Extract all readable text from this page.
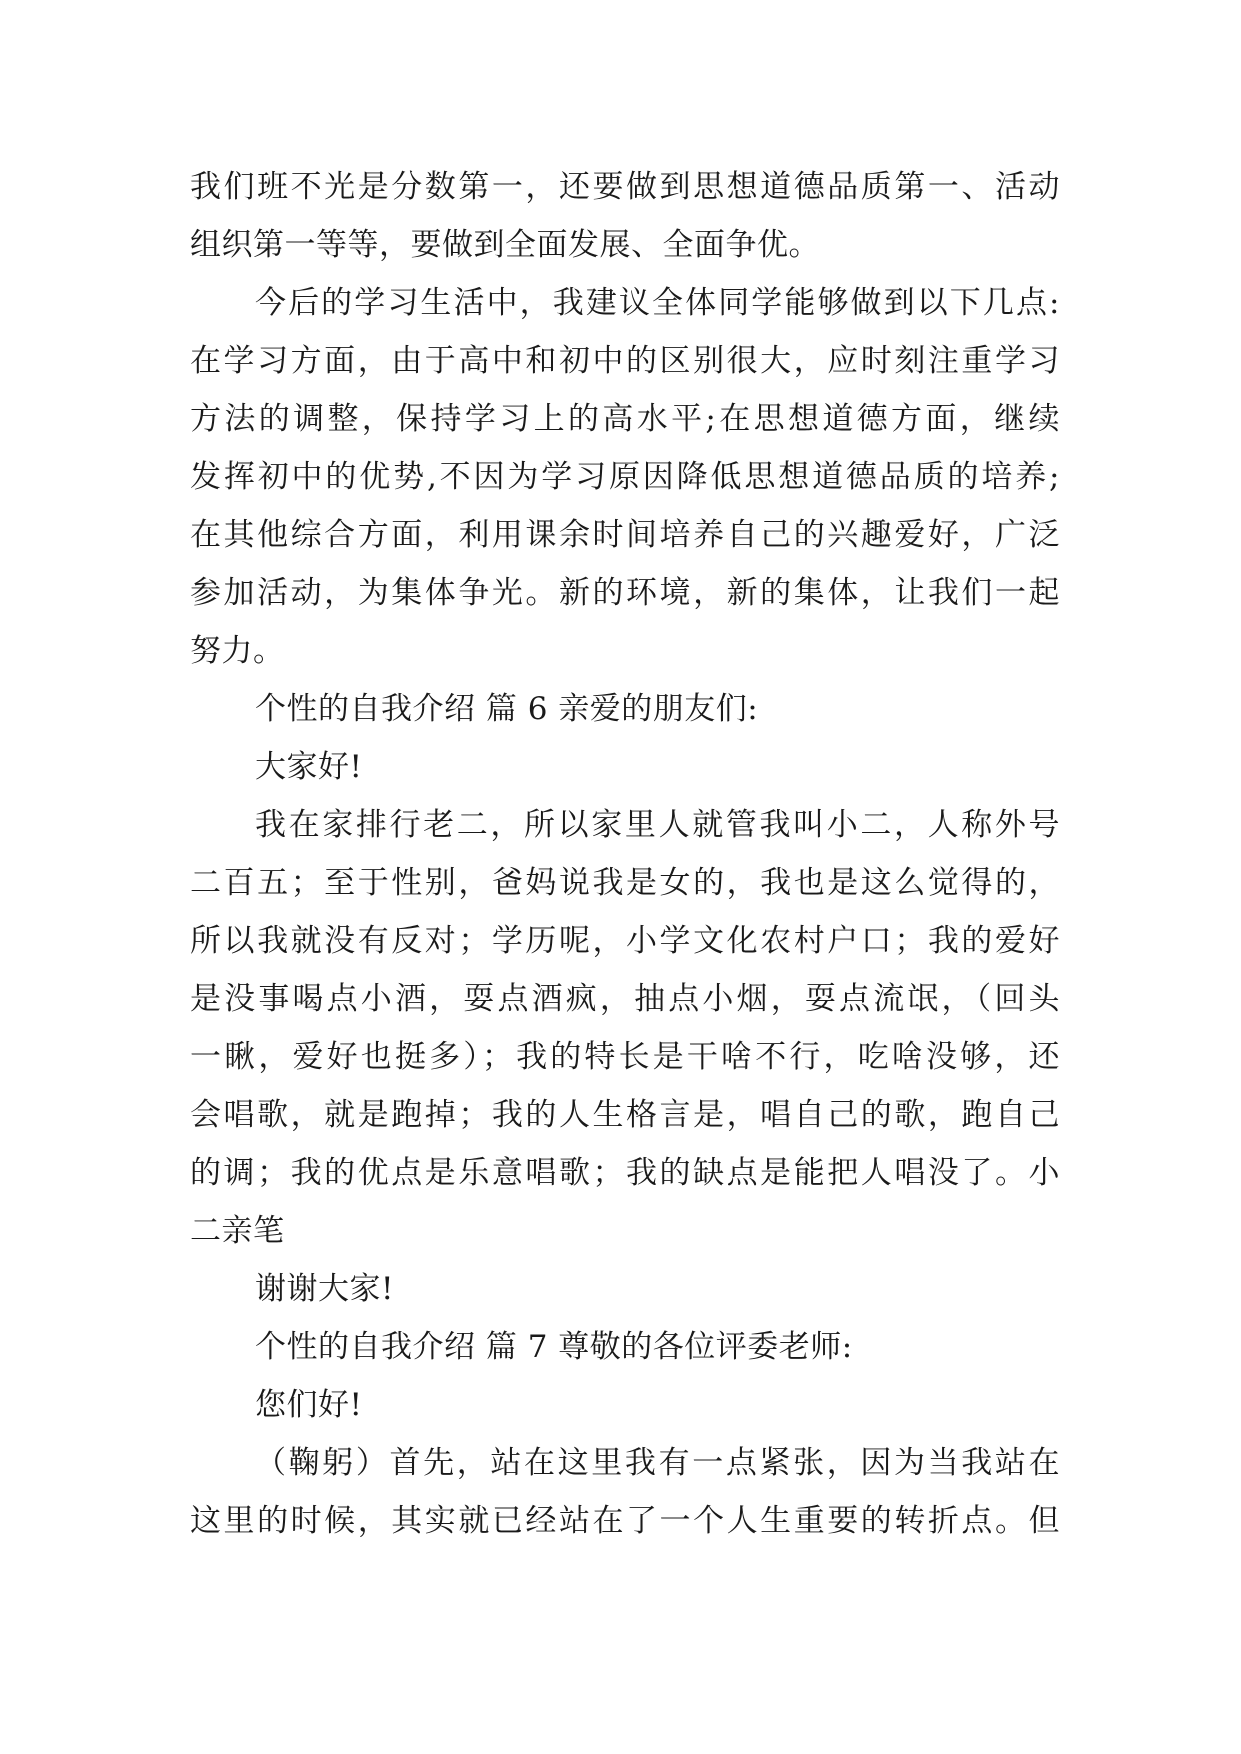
我们班不光是分数第一，还要做到思想道德品质第一、活动
组织第一等等，要做到全面发展、全面争优。
今后的学习生活中，我建议全体同学能够做到以下几点:
在学习方面，由于高中和初中的区别很大，应时刻注重学习
方法的调整，保持学习上的高水平;在思想道德方面，继续
发挥初中的优势,不因为学习原因降低思想道德品质的培养;
在其他综合方面，利用课余时间培养自己的兴趣爱好，广泛
参加活动，为集体争光。新的环境，新的集体，让我们一起
努力。
个性的自我介绍 篇 6 亲爱的朋友们:
大家好!
我在家排行老二，所以家里人就管我叫小二，人称外号
二百五；至于性别，爸妈说我是女的，我也是这么觉得的，
所以我就没有反对；学历呢，小学文化农村户口；我的爱好
是没事喝点小酒，耍点酒疯，抽点小烟，耍点流氓，（回头
一瞅，爱好也挺多）；我的特长是干啥不行，吃啥没够，还
会唱歌，就是跑掉；我的人生格言是，唱自己的歌，跑自己
的调；我的优点是乐意唱歌；我的缺点是能把人唱没了。小
二亲笔
谢谢大家!
个性的自我介绍 篇 7 尊敬的各位评委老师:
您们好!
（鞠躬）首先，站在这里我有一点紧张，因为当我站在
这里的时候，其实就已经站在了一个人生重要的转折点。但
